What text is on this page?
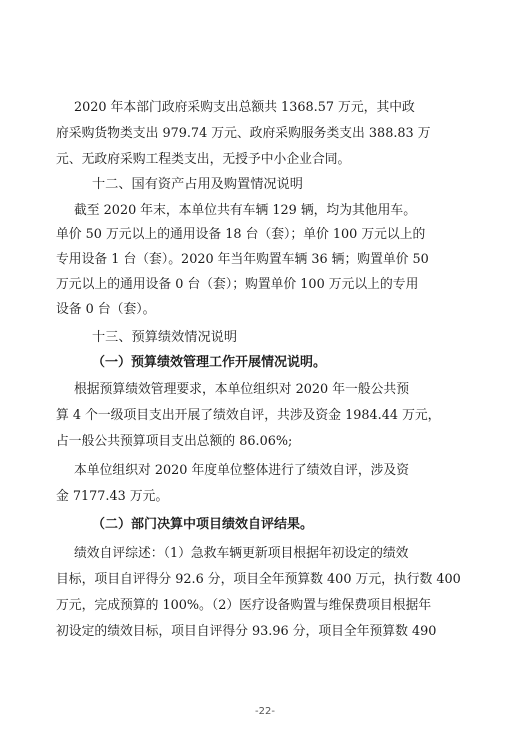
2020 年本部门政府采购支出总额共 1368.57 万元，其中政
府采购货物类支出 979.74 万元、政府采购服务类支出 388.83 万
元、无政府采购工程类支出，无授予中小企业合同。
十二、国有资产占用及购置情况说明
截至 2020 年末，本单位共有车辆 129 辆，均为其他用车。
单价 50 万元以上的通用设备 18 台（套）；单价 100 万元以上的
专用设备 1 台（套）。2020 年当年购置车辆 36 辆；购置单价 50
万元以上的通用设备 0 台（套）；购置单价 100 万元以上的专用
设备 0 台（套）。
十三、预算绩效情况说明
（一）预算绩效管理工作开展情况说明。
根据预算绩效管理要求，本单位组织对 2020 年一般公共预
算 4 个一级项目支出开展了绩效自评，共涉及资金 1984.44 万元，
占一般公共预算项目支出总额的 86.06%;
本单位组织对 2020 年度单位整体进行了绩效自评，涉及资
金 7177.43 万元。
（二）部门决算中项目绩效自评结果。
绩效自评综述：（1）急救车辆更新项目根据年初设定的绩效
目标，项目自评得分 92.6 分，项目全年预算数 400 万元，执行数 400
万元，完成预算的 100%。（2）医疗设备购置与维保费项目根据年
初设定的绩效目标，项目自评得分 93.96 分，项目全年预算数 490
-22-
